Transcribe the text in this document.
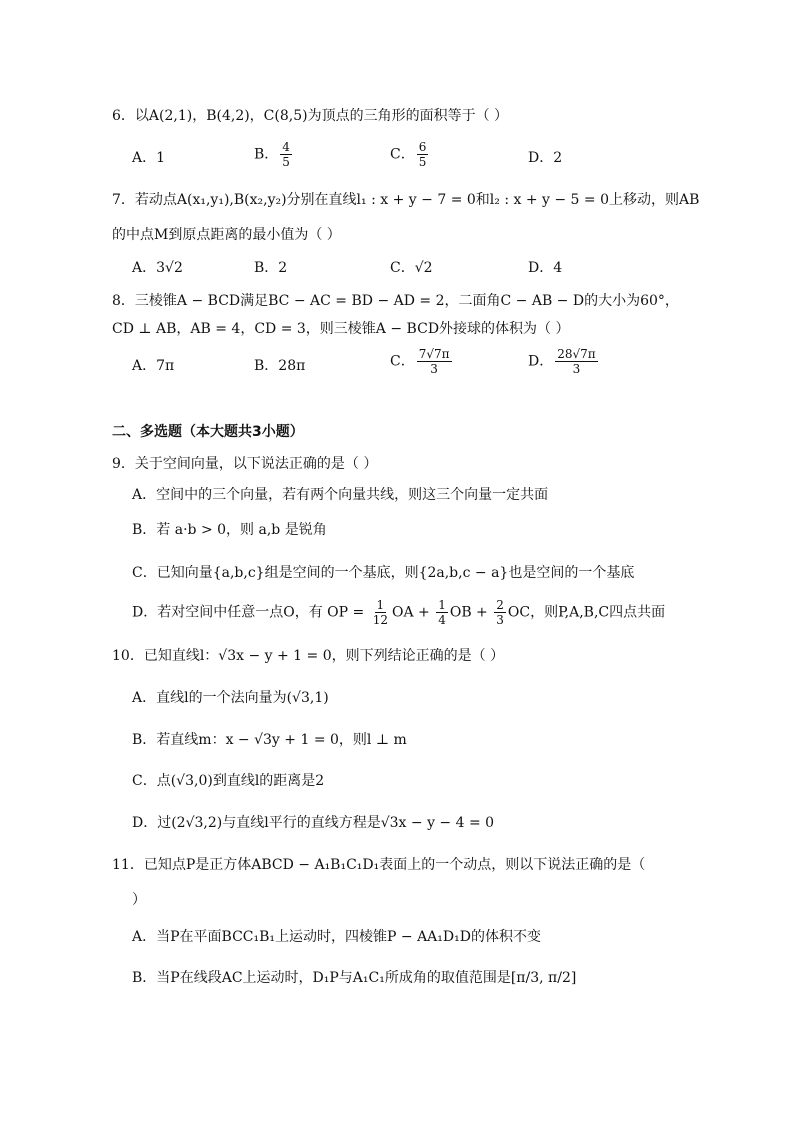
6．以A(2,1)，B(4,2)，C(8,5)为顶点的三角形的面积等于（ ）
A．1	B． $\frac{4}{5}$	C． $\frac{6}{5}$	D．2
7．若动点A(x₁,y₁),B(x₂,y₂)分别在直线l₁ : x + y − 7 = 0和l₂ : x + y − 5 = 0上移动，则AB
的中点M到原点距离的最小值为（ ）
A．3√2	B．2	C．√2	D．4
8．三棱锥A − BCD满足BC − AC = BD − AD = 2，二面角C − AB − D的大小为60°，
CD ⊥ AB，AB = 4，CD = 3，则三棱锥A − BCD外接球的体积为（ ）
A．7π	B．28π	C． $\frac{7√7\pi}{3}$	D． $\frac{28√7\pi}{3}$
二、多选题（本大题共3小题）
9．关于空间向量，以下说法正确的是（ ）
A．空间中的三个向量，若有两个向量共线，则这三个向量一定共面
B．若 a·b > 0，则 a,b 是锐角
C．已知向量{a,b,c}组是空间的一个基底，则{2a,b,c − a}也是空间的一个基底
D．若对空间中任意一点O，有 OP = $\frac{1}{12}$ OA + $\frac{1}{4}$ OB + $\frac{2}{3}$ OC，则P,A,B,C四点共面
10．已知直线l：√3x − y + 1 = 0，则下列结论正确的是（ ）
A．直线l的一个法向量为(√3,1)
B．若直线m：x − √3y + 1 = 0，则l ⊥ m
C．点(√3,0)到直线l的距离是2
D．过(2√3,2)与直线l平行的直线方程是√3x − y − 4 = 0
11．已知点P是正方体ABCD − A₁B₁C₁D₁表面上的一个动点，则以下说法正确的是（
）
A．当P在平面BCC₁B₁上运动时，四棱锥P − AA₁D₁D的体积不变
B．当P在线段AC上运动时，D₁P与A₁C₁所成角的取值范围是[π/3, π/2]
